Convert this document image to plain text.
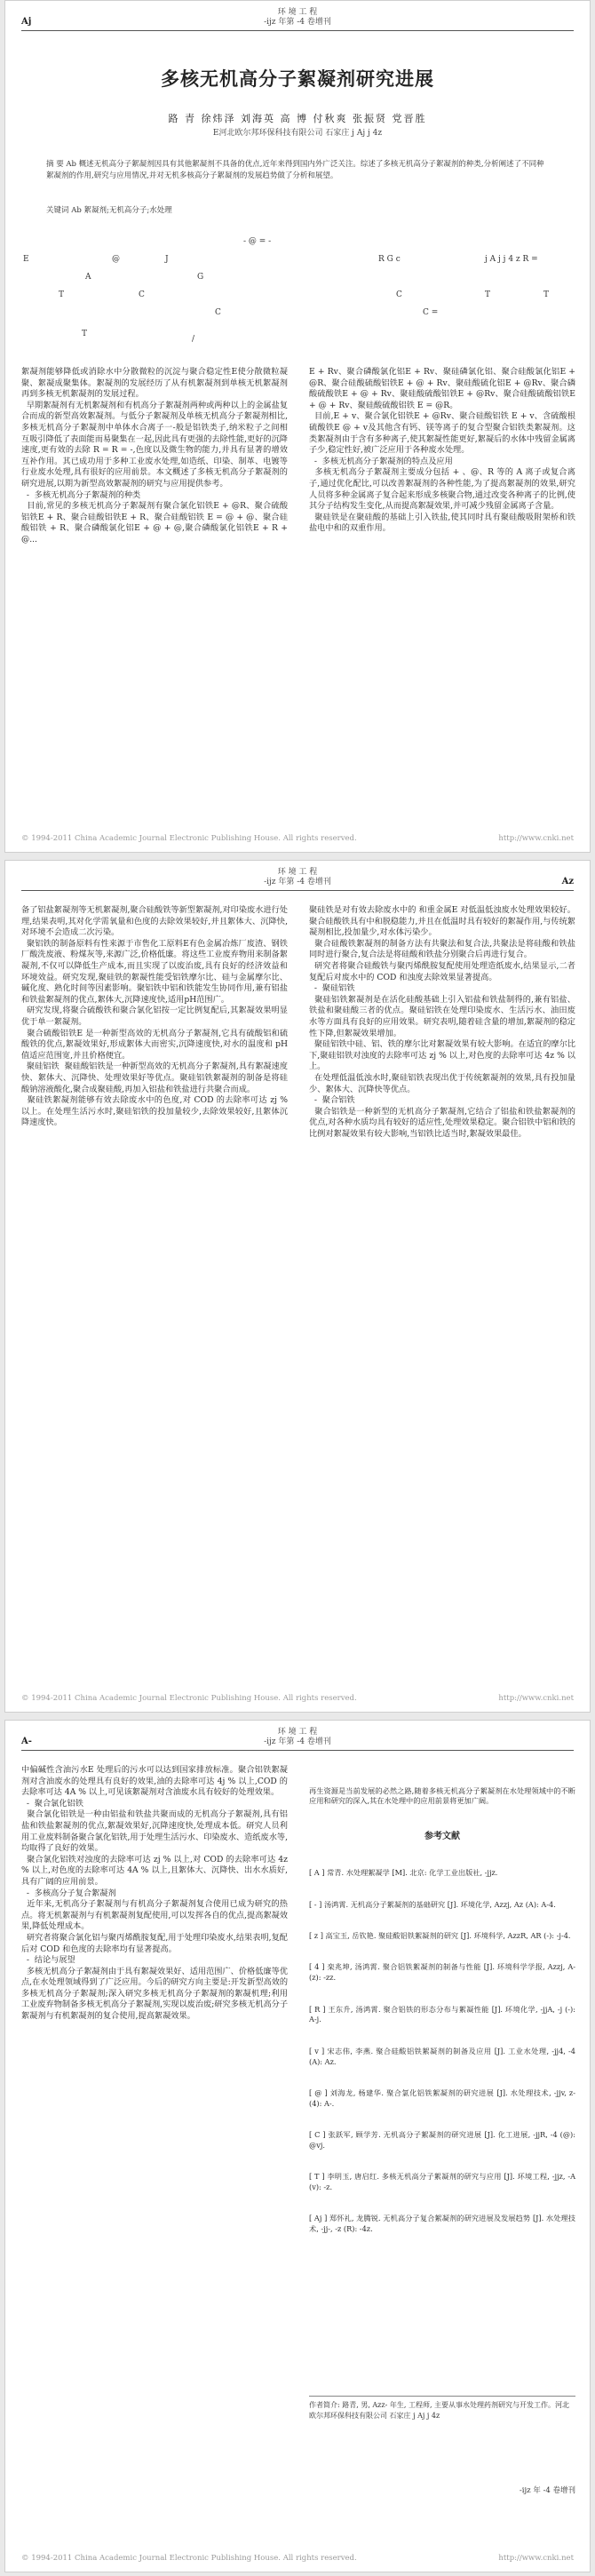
环 境 工 程
-ijz 年第 -4 卷增刊
Aj
多核无机高分子絮凝剂研究进展
路 青 徐炜泽 刘海英 高 博 付秋爽 张振贤 党晋胜
E河北欧尔邦环保科技有限公司 石家庄 j Aj j 4z
摘 要 Ab 概述无机高分子絮凝剂因具有其他絮凝剂不具备的优点,近年来得到国内外广泛关注。综述了多核无机高分子絮凝剂的种类,分析阐述了不同种絮凝剂的作用,研究与应用情况,并对无机多核高分子絮凝剂的发展趋势做了分析和展望。
关键词 Ab 絮凝剂;无机高分子;水处理
- @ = -
E	@	J	R G c	j A j j 4 z R =
A	G
T	C	C	T	T
C	C =
T
/
絮凝剂能够降低或消除水中分散微粒的沉淀与聚合稳定性E使分散微粒凝聚、絮凝成聚集体。絮凝剂的发展经历了从有机絮凝剂到单核无机絮凝剂再到多核无机絮凝剂的发展过程。
早期絮凝剂有无机絮凝剂和有机高分子絮凝剂两种或两种以上的金属盐复合而成的新型高效絮凝剂。与低分子絮凝剂及单核无机高分子絮凝剂相比,多核无机高分子絮凝剂中单体水合离子一-般是铝铁类子,纳米粒子之间相互吸引降低了表面能而易聚集在一起,因此具有更强的去除性能,更好的沉降速度,更有效的去除 R = R = -,色度以及微生物的能力,并具有显著的增效互补作用。其已成功用于多种工业废水处理,如造纸、印染、制革、电镀等行业废水处理,具有很好的应用前景。本文概述了多核无机高分子絮凝剂的研究进展,以期为新型高效絮凝剂的研究与应用提供参考。
-  多核无机高分子絮凝剂的种类
目前,常见的多核无机高分子絮凝剂有聚合氯化铝铁E + @R、聚合硫酸铝铁E + R、聚合硅酸铝铁E + R、聚合硅酸铝铁 E = @ + @、聚合硅酸铝铁 + R、聚合磷酸氯化铝E + @ + @,聚合磷酸氯化铝铁E + R + @...
E + Rv、聚合磷酸氯化铝E + Rv、聚硅磷氯化铝、聚合硅酸氯化铝E + @R、聚合硅酸硫酸铝铁E + @ + Rv、聚硅酸硫化铝E + @Rv、聚合磷酸硫酸铁E + @ + Rv、聚硅酸硫酸铝铁E + @Rv、聚合硅酸硫酸铝铁E + @ + Rv、聚硅酸硫酸铝铁 E = @R。
目前,E + v、聚合氯化铝铁E + @Rv、聚合硅酸铝铁 E + v、含硫酸根硫酸铁E @ + v及其他含有钙、镁等离子的复合型聚合铝铁类絮凝剂。这类絮凝剂由于含有多种离子,使其絮凝性能更好,絮凝后的水体中残留金属离子少,稳定性好,被广泛应用于各种废水处理。
-  多核无机高分子絮凝剂的特点及应用
多核无机高分子絮凝剂主要成分包括 + 、@、R 等的 A 离子或复合离子,通过优化配比,可以改善絮凝剂的各种性能,为了提高絮凝剂的效果,研究人员将多种金属离子复合起来形成多核聚合物,通过改变各种离子的比例,使其分子结构发生变化,从而提高絮凝效果,并可减少残留金属离子含量。
聚硅铁是在聚硅酸的基础上引入铁盐,使其同时具有聚硅酸吸附架桥和铁盐电中和的双重作用。
© 1994-2011 China Academic Journal Electronic Publishing House. All rights reserved.	http://www.cnki.net
环 境 工 程
-ijz 年第 -4 卷增刊	Az
备了铝盐絮凝剂等无机絮凝剂,聚合硅酸铁等新型絮凝剂,对印染废水进行处理,结果表明,其对化学需氧量和色度的去除效果较好,并且絮体大、沉降快,对环境不会造成二次污染。
聚铝铁的制备原料有性来源于市售化工原料E有色金属冶炼厂废渣、钢铁厂酸洗废液、粉煤灰等,来源广泛,价格低廉。将这些工业废弃物用来制备絮凝剂,不仅可以降低生产成本,而且实现了以废治废,具有良好的经济效益和环境效益。研究发现,聚硅铁的絮凝性能受铝铁摩尔比、硅与金属摩尔比、碱化度、熟化时间等因素影响。聚铝铁中铝和铁能发生协同作用,兼有铝盐和铁盐絮凝剂的优点,絮体大,沉降速度快,适用pH范围广。
研究发现,将聚合硫酸铁和聚合氯化铝按一定比例复配后,其絮凝效果明显优于单一絮凝剂。
聚合硫酸铝铁E 是一种新型高效的无机高分子絮凝剂,它具有硫酸铝和硫酸铁的优点,絮凝效果好,形成絮体大而密实,沉降速度快,对水的温度和 pH 值适应范围宽,并且价格便宜。
聚硅铝铁  聚硅酸铝铁是一种新型高效的无机高分子絮凝剂,具有絮凝速度快、絮体大、沉降快、处理效果好等优点。聚硅铝铁絮凝剂的制备是将硅酸钠溶液酸化,聚合成聚硅酸,再加入铝盐和铁盐进行共聚合而成。
聚硅铁絮凝剂能够有效去除废水中的色度,对 COD 的去除率可达 zj % 以上。在处理生活污水时,聚硅铝铁的投加量较少,去除效果较好,且絮体沉降速度快。
聚硅铁是对有效去除废水中的 和重金属E 对低温低浊废水处理效果较好。聚合硅酸铁具有中和脱稳能力,并且在低温时具有较好的絮凝作用,与传统絮凝剂相比,投加量少,对水体污染少。
聚合硅酸铁絮凝剂的制备方法有共聚法和复合法,共聚法是将硅酸和铁盐同时进行聚合,复合法是将硅酸和铁盐分别聚合后再进行复合。
研究者将聚合硅酸铁与聚丙烯酰胺复配使用处理造纸废水,结果显示,二者复配后对废水中的 COD 和浊度去除效果显著提高。
-  聚硅铝铁
聚硅铝铁絮凝剂是在活化硅酸基础上引入铝盐和铁盐制得的,兼有铝盐、铁盐和聚硅酸三者的优点。聚硅铝铁在处理印染废水、生活污水、油田废水等方面具有良好的应用效果。研究表明,随着硅含量的增加,絮凝剂的稳定性下降,但絮凝效果增加。
聚硅铝铁中硅、铝、铁的摩尔比对絮凝效果有较大影响。在适宜的摩尔比下,聚硅铝铁对浊度的去除率可达 zj % 以上,对色度的去除率可达 4z % 以上。
在处理低温低浊水时,聚硅铝铁表现出优于传统絮凝剂的效果,具有投加量少、絮体大、沉降快等优点。
-  聚合铝铁
聚合铝铁是一种新型的无机高分子絮凝剂,它结合了铝盐和铁盐絮凝剂的优点,对各种水质均具有较好的适应性,处理效果稳定。聚合铝铁中铝和铁的比例对絮凝效果有较大影响,当铝铁比适当时,絮凝效果最佳。
© 1994-2011 China Academic Journal Electronic Publishing House. All rights reserved.	http://www.cnki.net
环 境 工 程
-ijz 年第 -4 卷增刊
A-
中偏碱性含油污水E 处理后的污水可以达到国家排放标准。聚合铝铁絮凝剂对含油废水的处理具有良好的效果,油的去除率可达 4j % 以上,COD 的去除率可达 4A % 以上,可见该絮凝剂对含油废水具有较好的处理效果。
-  聚合氯化铝铁
聚合氯化铝铁是一种由铝盐和铁盐共聚而成的无机高分子絮凝剂,具有铝盐和铁盐絮凝剂的优点,絮凝效果好,沉降速度快,处理成本低。研究人员利用工业废料制备聚合氯化铝铁,用于处理生活污水、印染废水、造纸废水等,均取得了良好的效果。
聚合氯化铝铁对浊度的去除率可达 zj % 以上,对 COD 的去除率可达 4z % 以上,对色度的去除率可达 4A % 以上,且絮体大、沉降快、出水水质好,具有广阔的应用前景。
-  多核高分子复合絮凝剂
近年来,无机高分子絮凝剂与有机高分子絮凝剂复合使用已成为研究的热点。将无机絮凝剂与有机絮凝剂复配使用,可以发挥各自的优点,提高絮凝效果,降低处理成本。
研究者将聚合氯化铝与聚丙烯酰胺复配,用于处理印染废水,结果表明,复配后对 COD 和色度的去除率均有显著提高。
-  结论与展望
多核无机高分子絮凝剂由于具有絮凝效果好、适用范围广、价格低廉等优点,在水处理领域得到了广泛应用。今后的研究方向主要是:开发新型高效的多核无机高分子絮凝剂;深入研究多核无机高分子絮凝剂的絮凝机理;利用工业废弃物制备多核无机高分子絮凝剂,实现以废治废;研究多核无机高分子絮凝剂与有机絮凝剂的复合使用,提高絮凝效果。

再生资源是当前发展的必然之路,随着多核无机高分子絮凝剂在水处理领域中的不断应用和研究的深入,其在水处理中的应用前景将更加广阔。

参考文献

[ A ] 常青. 水处理絮凝学 [M]. 北京: 化学工业出版社, -jjz.

[ - ] 汤鸿霄. 无机高分子絮凝剂的基础研究 [J]. 环境化学, Azzj, Az (A): A-4.

[ z ] 高宝玉, 岳钦艳. 聚硅酸铝铁絮凝剂的研究 [J]. 环境科学, AzzR, AR (-): -j-4.

[ 4 ] 栾兆坤, 汤鸿霄. 聚合铝铁絮凝剂的制备与性能 [J]. 环境科学学报, Azzj, A- (z): -zz.

[ R ] 王东升, 汤鸿霄. 聚合铝铁的形态分布与絮凝性能 [J]. 环境化学, -jjA, -j (-): A-j.

[ v ] 宋志伟, 李燕. 聚合硅酸铝铁絮凝剂的制备及应用 [J]. 工业水处理, -jj4, -4 (A): Az.

[ @ ] 刘海龙, 杨建华. 聚合氯化铝铁絮凝剂的研究进展 [J]. 水处理技术, -jjv, z- (4): A-.

[ C ] 张跃军, 顾学芳. 无机高分子絮凝剂的研究进展 [J]. 化工进展, -jjR, -4 (@): @vj.

[ T ] 李明玉, 唐启红. 多核无机高分子絮凝剂的研究与应用 [J]. 环境工程, -jjz, -A (v): -z.

[ Aj ] 郑怀礼, 龙腾锐. 无机高分子复合絮凝剂的研究进展及发展趋势 [J]. 水处理技术, -jj-, -z (R): -4z.

作者简介: 路青, 男, Azz- 年生, 工程师, 主要从事水处理药剂研究与开发工作。河北欧尔邦环保科技有限公司 石家庄 j Aj j 4z
-ijz 年 -4 卷增刊
© 1994-2011 China Academic Journal Electronic Publishing House. All rights reserved.	http://www.cnki.net
